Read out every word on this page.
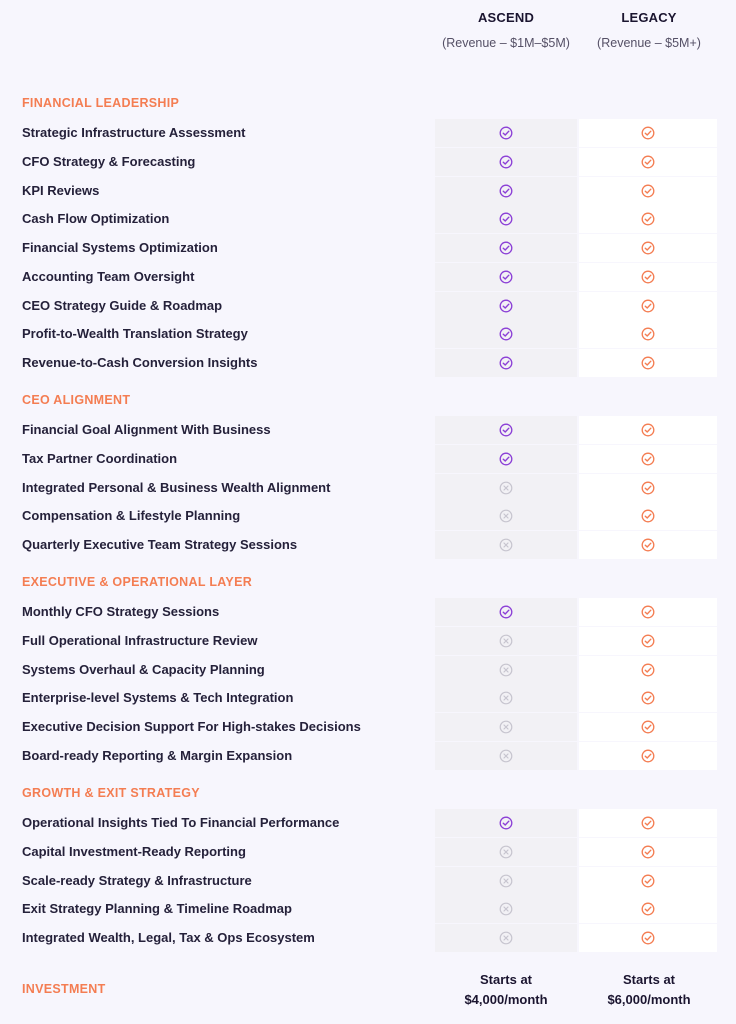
ASCEND
(Revenue – $1M–$5M)
LEGACY
(Revenue – $5M+)
FINANCIAL LEADERSHIP
Strategic Infrastructure Assessment
CFO Strategy & Forecasting
KPI Reviews
Cash Flow Optimization
Financial Systems Optimization
Accounting Team Oversight
CEO Strategy Guide & Roadmap
Profit-to-Wealth Translation Strategy
Revenue-to-Cash Conversion Insights
CEO ALIGNMENT
Financial Goal Alignment With Business
Tax Partner Coordination
Integrated Personal & Business Wealth Alignment
Compensation & Lifestyle Planning
Quarterly Executive Team Strategy Sessions
EXECUTIVE & OPERATIONAL LAYER
Monthly CFO Strategy Sessions
Full Operational Infrastructure Review
Systems Overhaul & Capacity Planning
Enterprise-level Systems & Tech Integration
Executive Decision Support For High-stakes Decisions
Board-ready Reporting & Margin Expansion
GROWTH & EXIT STRATEGY
Operational Insights Tied To Financial Performance
Capital Investment-Ready Reporting
Scale-ready Strategy & Infrastructure
Exit Strategy Planning & Timeline Roadmap
Integrated Wealth, Legal, Tax & Ops Ecosystem
INVESTMENT
Starts at
$4,000/month
Starts at
$6,000/month
